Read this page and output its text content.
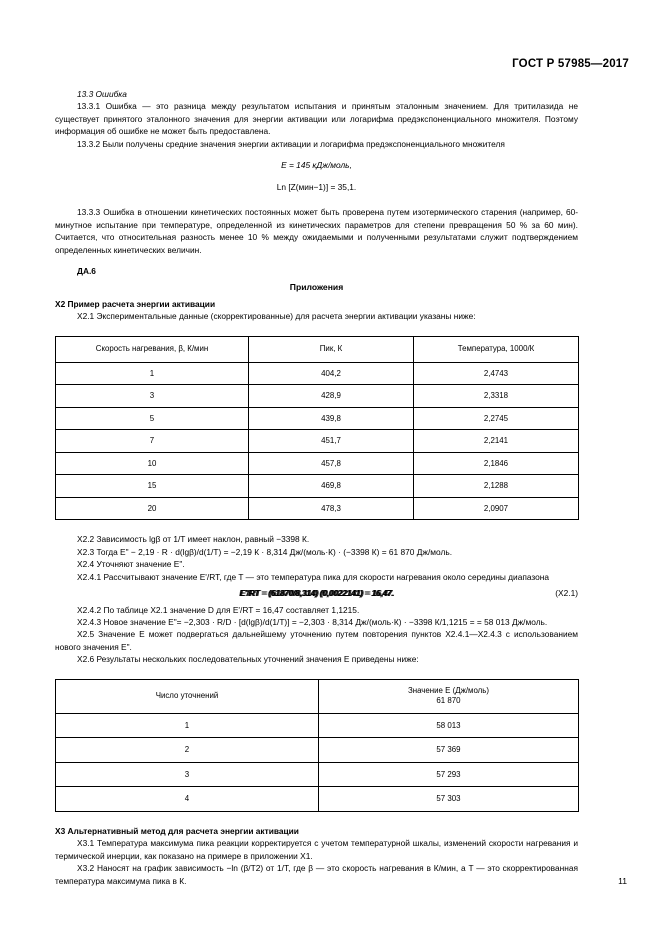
ГОСТ Р 57985—2017

13.3 Ошибка

13.3.1 Ошибка — это разница между результатом испытания и принятым эталонным значением. Для тритилазида не существует принятого эталонного значения для энергии активации или логарифма предэкспоненциального множителя. Поэтому информация об ошибке не может быть предоставлена.

13.3.2 Были получены средние значения энергии активации и логарифма предэкспоненциального множителя

E = 145 кДж/моль,

Ln [Z(мин−1)] = 35,1.

13.3.3 Ошибка в отношении кинетических постоянных может быть проверена путем изотермического старения (например, 60-минутное испытание при температуре, определенной из кинетических параметров для степени превращения 50 % за 60 мин). Считается, что относительная разность менее 10 % между ожидаемыми и полученными результатами служит подтверждением определенных кинетических величин.

ДА.6

Приложения

X2 Пример расчета энергии активации

X2.1 Экспериментальные данные (скорректированные) для расчета энергии активации указаны ниже:

Скорость нагревания, β, К/мин	Пик, К	Температура, 1000/К
1	404,2	2,4743
3	428,9	2,3318
5	439,8	2,2745
7	451,7	2,2141
10	457,8	2,1846
15	469,8	2,1288
20	478,3	2,0907

X2.2 Зависимость lgβ от 1/T имеет наклон, равный −3398 К.

X2.3 Тогда E" − 2,19 · R · d(lgβ)/d(1/T) = −2,19 К · 8,314 Дж/(моль·К) · (−3398 К) = 61 870 Дж/моль.

X2.4 Уточняют значение E".

X2.4.1 Рассчитывают значение E'/RT, где T — это температура пика для скорости нагревания около середины диапазона

E'/RT = (61870/8,314) (0,0022141) = 16,47.	(X2.1)

X2.4.2 По таблице X2.1 значение D для E'/RT = 16,47 составляет 1,1215.

X2.4.3 Новое значение E"= −2,303 · R/D · [d(lgβ)/d(1/T)] = −2,303 · 8,314 Дж/(моль·К) · −3398 К/1,1215 = = 58 013 Дж/моль.

X2.5 Значение E может подвергаться дальнейшему уточнению путем повторения пунктов X2.4.1—X2.4.3 с использованием нового значения E".

X2.6 Результаты нескольких последовательных уточнений значения E приведены ниже:

Число уточнений	Значение E (Дж/моль)
61 870

1	58 013
2	57 369
3	57 293
4	57 303

X3 Альтернативный метод для расчета энергии активации

X3.1 Температура максимума пика реакции корректируется с учетом температурной шкалы, изменений скорости нагревания и термической инерции, как показано на примере в приложении X1.

X3.2 Наносят на график зависимость −ln (β/T2) от 1/T, где β — это скорость нагревания в К/мин, а T — это скорректированная температура максимума пика в К.	11
